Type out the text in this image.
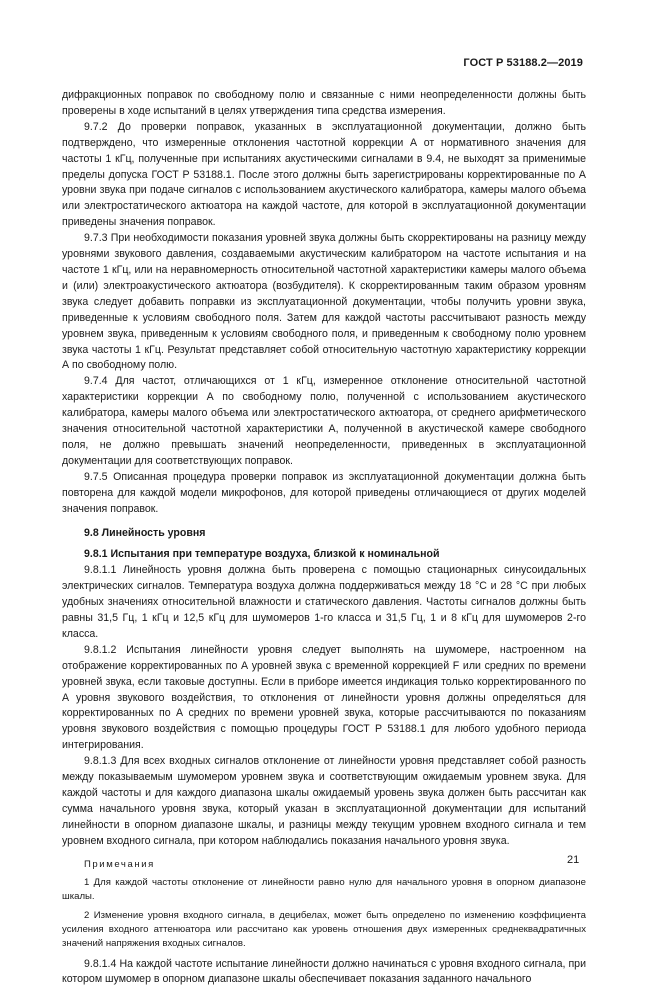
ГОСТ Р 53188.2—2019

дифракционных поправок по свободному полю и связанные с ними неопределенности должны быть проверены в ходе испытаний в целях утверждения типа средства измерения.

9.7.2 До проверки поправок, указанных в эксплуатационной документации, должно быть подтверждено, что измеренные отклонения частотной коррекции А от нормативного значения для частоты 1 кГц, полученные при испытаниях акустическими сигналами в 9.4, не выходят за применимые пределы допуска ГОСТ Р 53188.1. После этого должны быть зарегистрированы корректированные по А уровни звука при подаче сигналов с использованием акустического калибратора, камеры малого объема или электростатического актюатора на каждой частоте, для которой в эксплуатационной документации приведены значения поправок.

9.7.3 При необходимости показания уровней звука должны быть скорректированы на разницу между уровнями звукового давления, создаваемыми акустическим калибратором на частоте испытания и на частоте 1 кГц, или на неравномерность относительной частотной характеристики камеры малого объема и (или) электроакустического актюатора (возбудителя). К скорректированным таким образом уровням звука следует добавить поправки из эксплуатационной документации, чтобы получить уровни звука, приведенные к условиям свободного поля. Затем для каждой частоты рассчитывают разность между уровнем звука, приведенным к условиям свободного поля, и приведенным к свободному полю уровнем звука частоты 1 кГц. Результат представляет собой относительную частотную характеристику коррекции А по свободному полю.

9.7.4 Для частот, отличающихся от 1 кГц, измеренное отклонение относительной частотной характеристики коррекции А по свободному полю, полученной с использованием акустического калибратора, камеры малого объема или электростатического актюатора, от среднего арифметического значения относительной частотной характеристики А, полученной в акустической камере свободного поля, не должно превышать значений неопределенности, приведенных в эксплуатационной документации для соответствующих поправок.

9.7.5 Описанная процедура проверки поправок из эксплуатационной документации должна быть повторена для каждой модели микрофонов, для которой приведены отличающиеся от других моделей значения поправок.

9.8 Линейность уровня

9.8.1 Испытания при температуре воздуха, близкой к номинальной

9.8.1.1 Линейность уровня должна быть проверена с помощью стационарных синусоидальных электрических сигналов. Температура воздуха должна поддерживаться между 18 °С и 28 °С при любых удобных значениях относительной влажности и статического давления. Частоты сигналов должны быть равны 31,5 Гц, 1 кГц и 12,5 кГц для шумомеров 1-го класса и 31,5 Гц, 1 и 8 кГц для шумомеров 2-го класса.

9.8.1.2 Испытания линейности уровня следует выполнять на шумомере, настроенном на отображение корректированных по А уровней звука с временной коррекцией F или средних по времени уровней звука, если таковые доступны. Если в приборе имеется индикация только корректированного по А уровня звукового воздействия, то отклонения от линейности уровня должны определяться для корректированных по А средних по времени уровней звука, которые рассчитываются по показаниям уровня звукового воздействия с помощью процедуры ГОСТ Р 53188.1 для любого удобного периода интегрирования.

9.8.1.3 Для всех входных сигналов отклонение от линейности уровня представляет собой разность между показываемым шумомером уровнем звука и соответствующим ожидаемым уровнем звука. Для каждой частоты и для каждого диапазона шкалы ожидаемый уровень звука должен быть рассчитан как сумма начального уровня звука, который указан в эксплуатационной документации для испытаний линейности в опорном диапазоне шкалы, и разницы между текущим уровнем входного сигнала и тем уровнем входного сигнала, при котором наблюдались показания начального уровня звука.

Примечания

1 Для каждой частоты отклонение от линейности равно нулю для начального уровня в опорном диапазоне шкалы.

2 Изменение уровня входного сигнала, в децибелах, может быть определено по изменению коэффициента усиления входного аттенюатора или рассчитано как уровень отношения двух измеренных среднеквадратичных значений напряжения входных сигналов.

9.8.1.4 На каждой частоте испытание линейности должно начинаться с уровня входного сигнала, при котором шумомер в опорном диапазоне шкалы обеспечивает показания заданного начального

21
